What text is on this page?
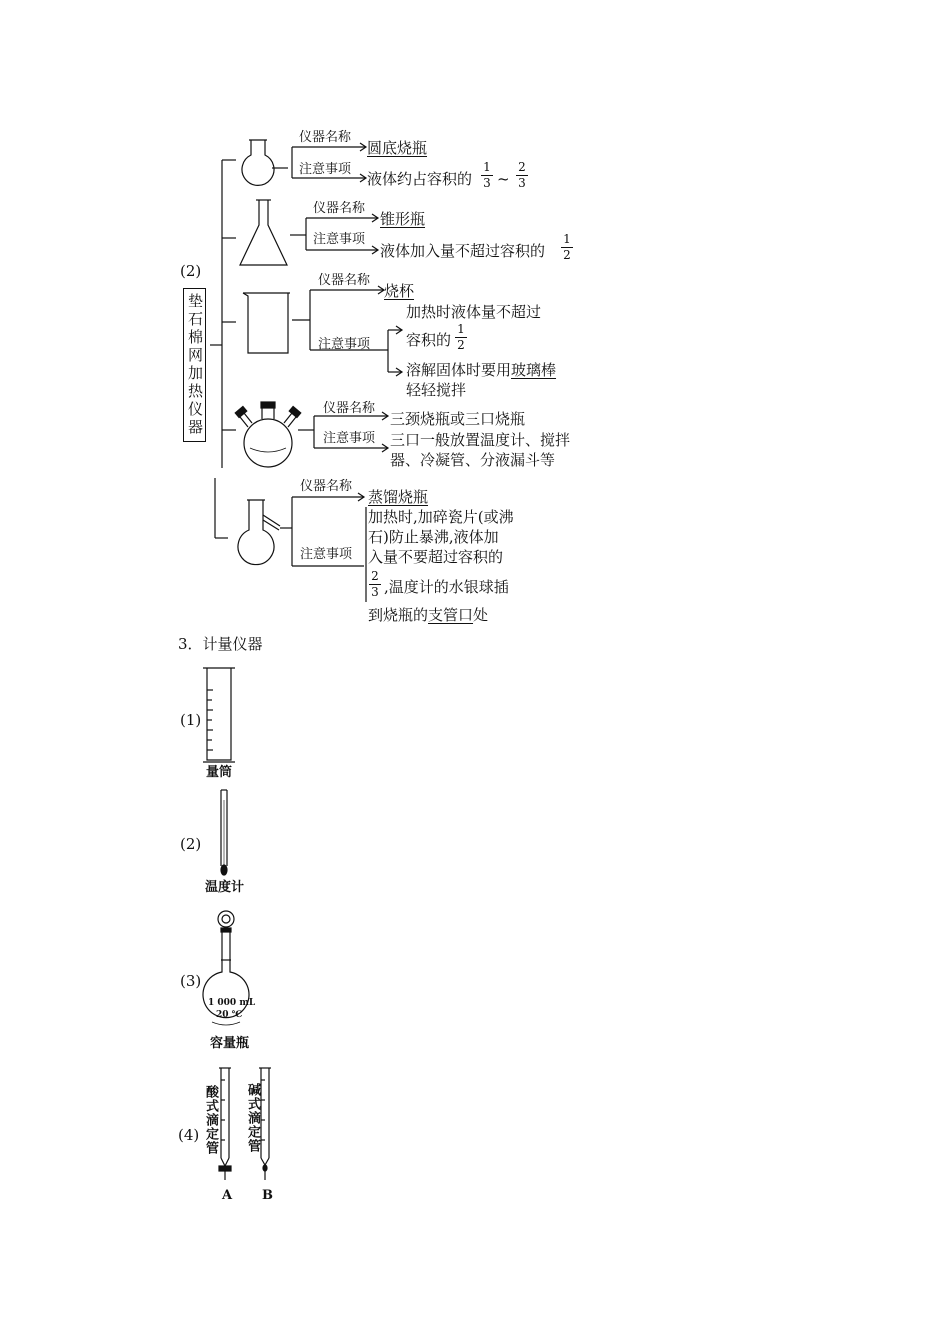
(2)
垫石棉网加热仪器
仪器名称
圆底烧瓶
注意事项
液体约占容积的
1
3 ~
2
3
仪器名称
锥形瓶
注意事项
液体加入量不超过容积的
1
2
仪器名称
烧杯
加热时液体量不超过
注意事项 容积的
1
2
溶解固体时要用玻璃棒
轻轻搅拌
仪器名称
三颈烧瓶或三口烧瓶
注意事项 三口一般放置温度计、搅拌
器、冷凝管、分液漏斗等
仪器名称
蒸馏烧瓶
加热时,加碎瓷片(或沸
石)防止暴沸,液体加
注意事项 入量不要超过容积的
2
3 ,温度计的水银球插
到烧瓶的支管口处
3．计量仪器
(1)
量筒
(2)
温度计
(3)
1 000 mL
20 ℃
容量瓶
(4) 酸式滴定管 碱式滴定管
A B
